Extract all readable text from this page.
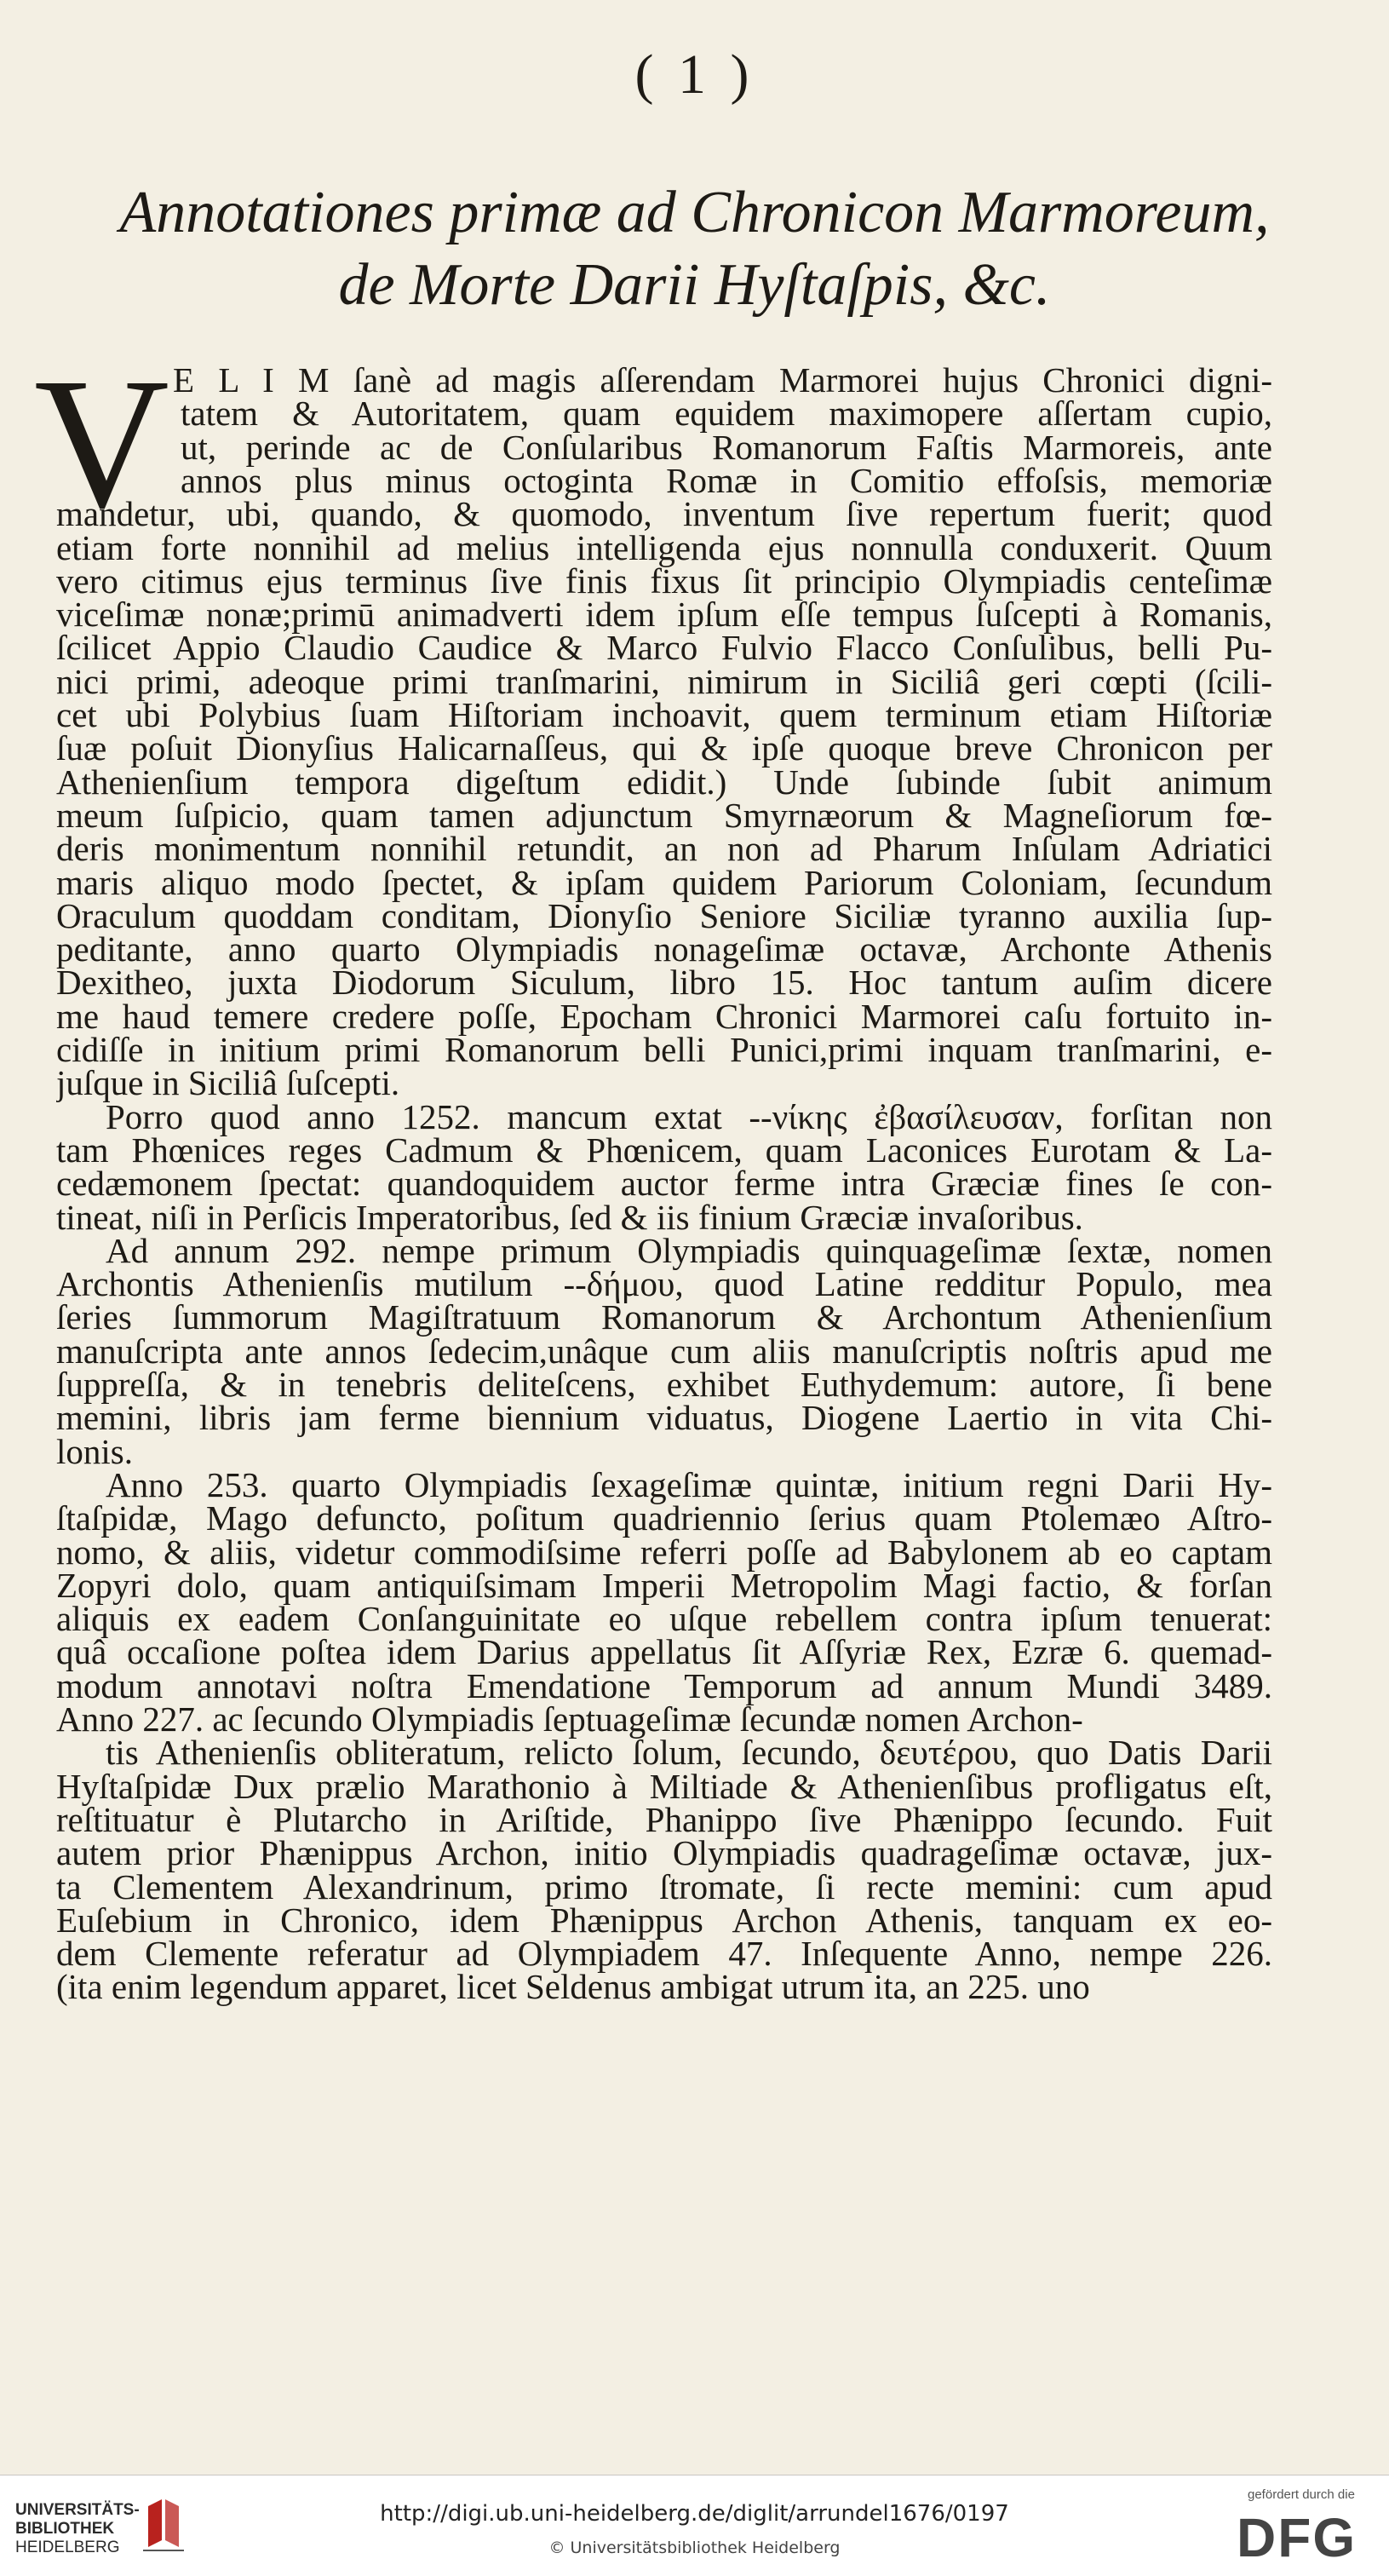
( 1 )
Annotationes primæ ad Chronicon Marmoreum,
de Morte Darii Hyſtaſpis, &c.
V E L I M ſanè ad magis aſſerendam Marmorei hujus Chronici digni-
tatem & Autoritatem, quam equidem maximopere aſſertam cupio,
ut, perinde ac de Conſularibus Romanorum Faſtis Marmoreis, ante
annos plus minus octoginta Romæ in Comitio effoſsis, memoriæ
mandetur, ubi, quando, & quomodo, inventum ſive repertum fuerit; quod
etiam forte nonnihil ad melius intelligenda ejus nonnulla conduxerit. Quum
vero citimus ejus terminus ſive finis fixus ſit principio Olympiadis centeſimæ
viceſimæ nonæ;primū animadverti idem ipſum eſſe tempus ſuſcepti à Romanis,
ſcilicet Appio Claudio Caudice & Marco Fulvio Flacco Conſulibus, belli Pu-
nici primi, adeoque primi tranſmarini, nimirum in Siciliâ geri cœpti (ſcili-
cet ubi Polybius ſuam Hiſtoriam inchoavit, quem terminum etiam Hiſtoriæ
ſuæ poſuit Dionyſius Halicarnaſſeus, qui & ipſe quoque breve Chronicon per
Athenienſium tempora digeſtum edidit.) Unde ſubinde ſubit animum
meum ſuſpicio, quam tamen adjunctum Smyrnæorum & Magneſiorum fœ-
deris monimentum nonnihil retundit, an non ad Pharum Inſulam Adriatici
maris aliquo modo ſpectet, & ipſam quidem Pariorum Coloniam, ſecundum
Oraculum quoddam conditam, Dionyſio Seniore Siciliæ tyranno auxilia ſup-
peditante, anno quarto Olympiadis nonageſimæ octavæ, Archonte Athenis
Dexitheo, juxta Diodorum Siculum, libro 15. Hoc tantum auſim dicere
me haud temere credere poſſe, Epocham Chronici Marmorei caſu fortuito in-
cidiſſe in initium primi Romanorum belli Punici,primi inquam tranſmarini, e-
juſque in Siciliâ ſuſcepti.
Porro quod anno 1252. mancum extat --νίκης ἐβασίλευσαν, forſitan non
tam Phœnices reges Cadmum & Phœnicem, quam Laconices Eurotam & La-
cedæmonem ſpectat: quandoquidem auctor ferme intra Græciæ fines ſe con-
tineat, niſi in Perſicis Imperatoribus, ſed & iis finium Græciæ invaſoribus.
Ad annum 292. nempe primum Olympiadis quinquageſimæ ſextæ, nomen
Archontis Athenienſis mutilum --δήμου, quod Latine redditur Populo, mea
ſeries ſummorum Magiſtratuum Romanorum & Archontum Athenienſium
manuſcripta ante annos ſedecim,unâque cum aliis manuſcriptis noſtris apud me
ſuppreſſa, & in tenebris deliteſcens, exhibet Euthydemum: autore, ſi bene
memini, libris jam ferme biennium viduatus, Diogene Laertio in vita Chi-
lonis.
Anno 253. quarto Olympiadis ſexageſimæ quintæ, initium regni Darii Hy-
ſtaſpidæ, Mago defuncto, poſitum quadriennio ſerius quam Ptolemæo Aſtro-
nomo, & aliis, videtur commodiſsime referri poſſe ad Babylonem ab eo captam
Zopyri dolo, quam antiquiſsimam Imperii Metropolim Magi factio, & forſan
aliquis ex eadem Conſanguinitate eo uſque rebellem contra ipſum tenuerat:
quâ occaſione poſtea idem Darius appellatus ſit Aſſyriæ Rex, Ezræ 6. quemad-
modum annotavi noſtra Emendatione Temporum ad annum Mundi 3489.
Anno 227. ac ſecundo Olympiadis ſeptuageſimæ ſecundæ nomen Archon-
tis Athenienſis obliteratum, relicto ſolum, ſecundo, δευτέρου, quo Datis Darii
Hyſtaſpidæ Dux prælio Marathonio à Miltiade & Athenienſibus profligatus eſt,
reſtituatur è Plutarcho in Ariſtide, Phanippo ſive Phænippo ſecundo. Fuit
autem prior Phænippus Archon, initio Olympiadis quadrageſimæ octavæ, jux-
ta Clementem Alexandrinum, primo ſtromate, ſi recte memini: cum apud
Euſebium in Chronico, idem Phænippus Archon Athenis, tanquam ex eo-
dem Clemente referatur ad Olympiadem 47. Inſequente Anno, nempe 226.
(ita enim legendum apparet, licet Seldenus ambigat utrum ita, an 225. uno
UNIVERSITÄTS-
BIBLIOTHEK
HEIDELBERG
http://digi.ub.uni-heidelberg.de/diglit/arrundel1676/0197
© Universitätsbibliothek Heidelberg
gefördert durch die
DFG
